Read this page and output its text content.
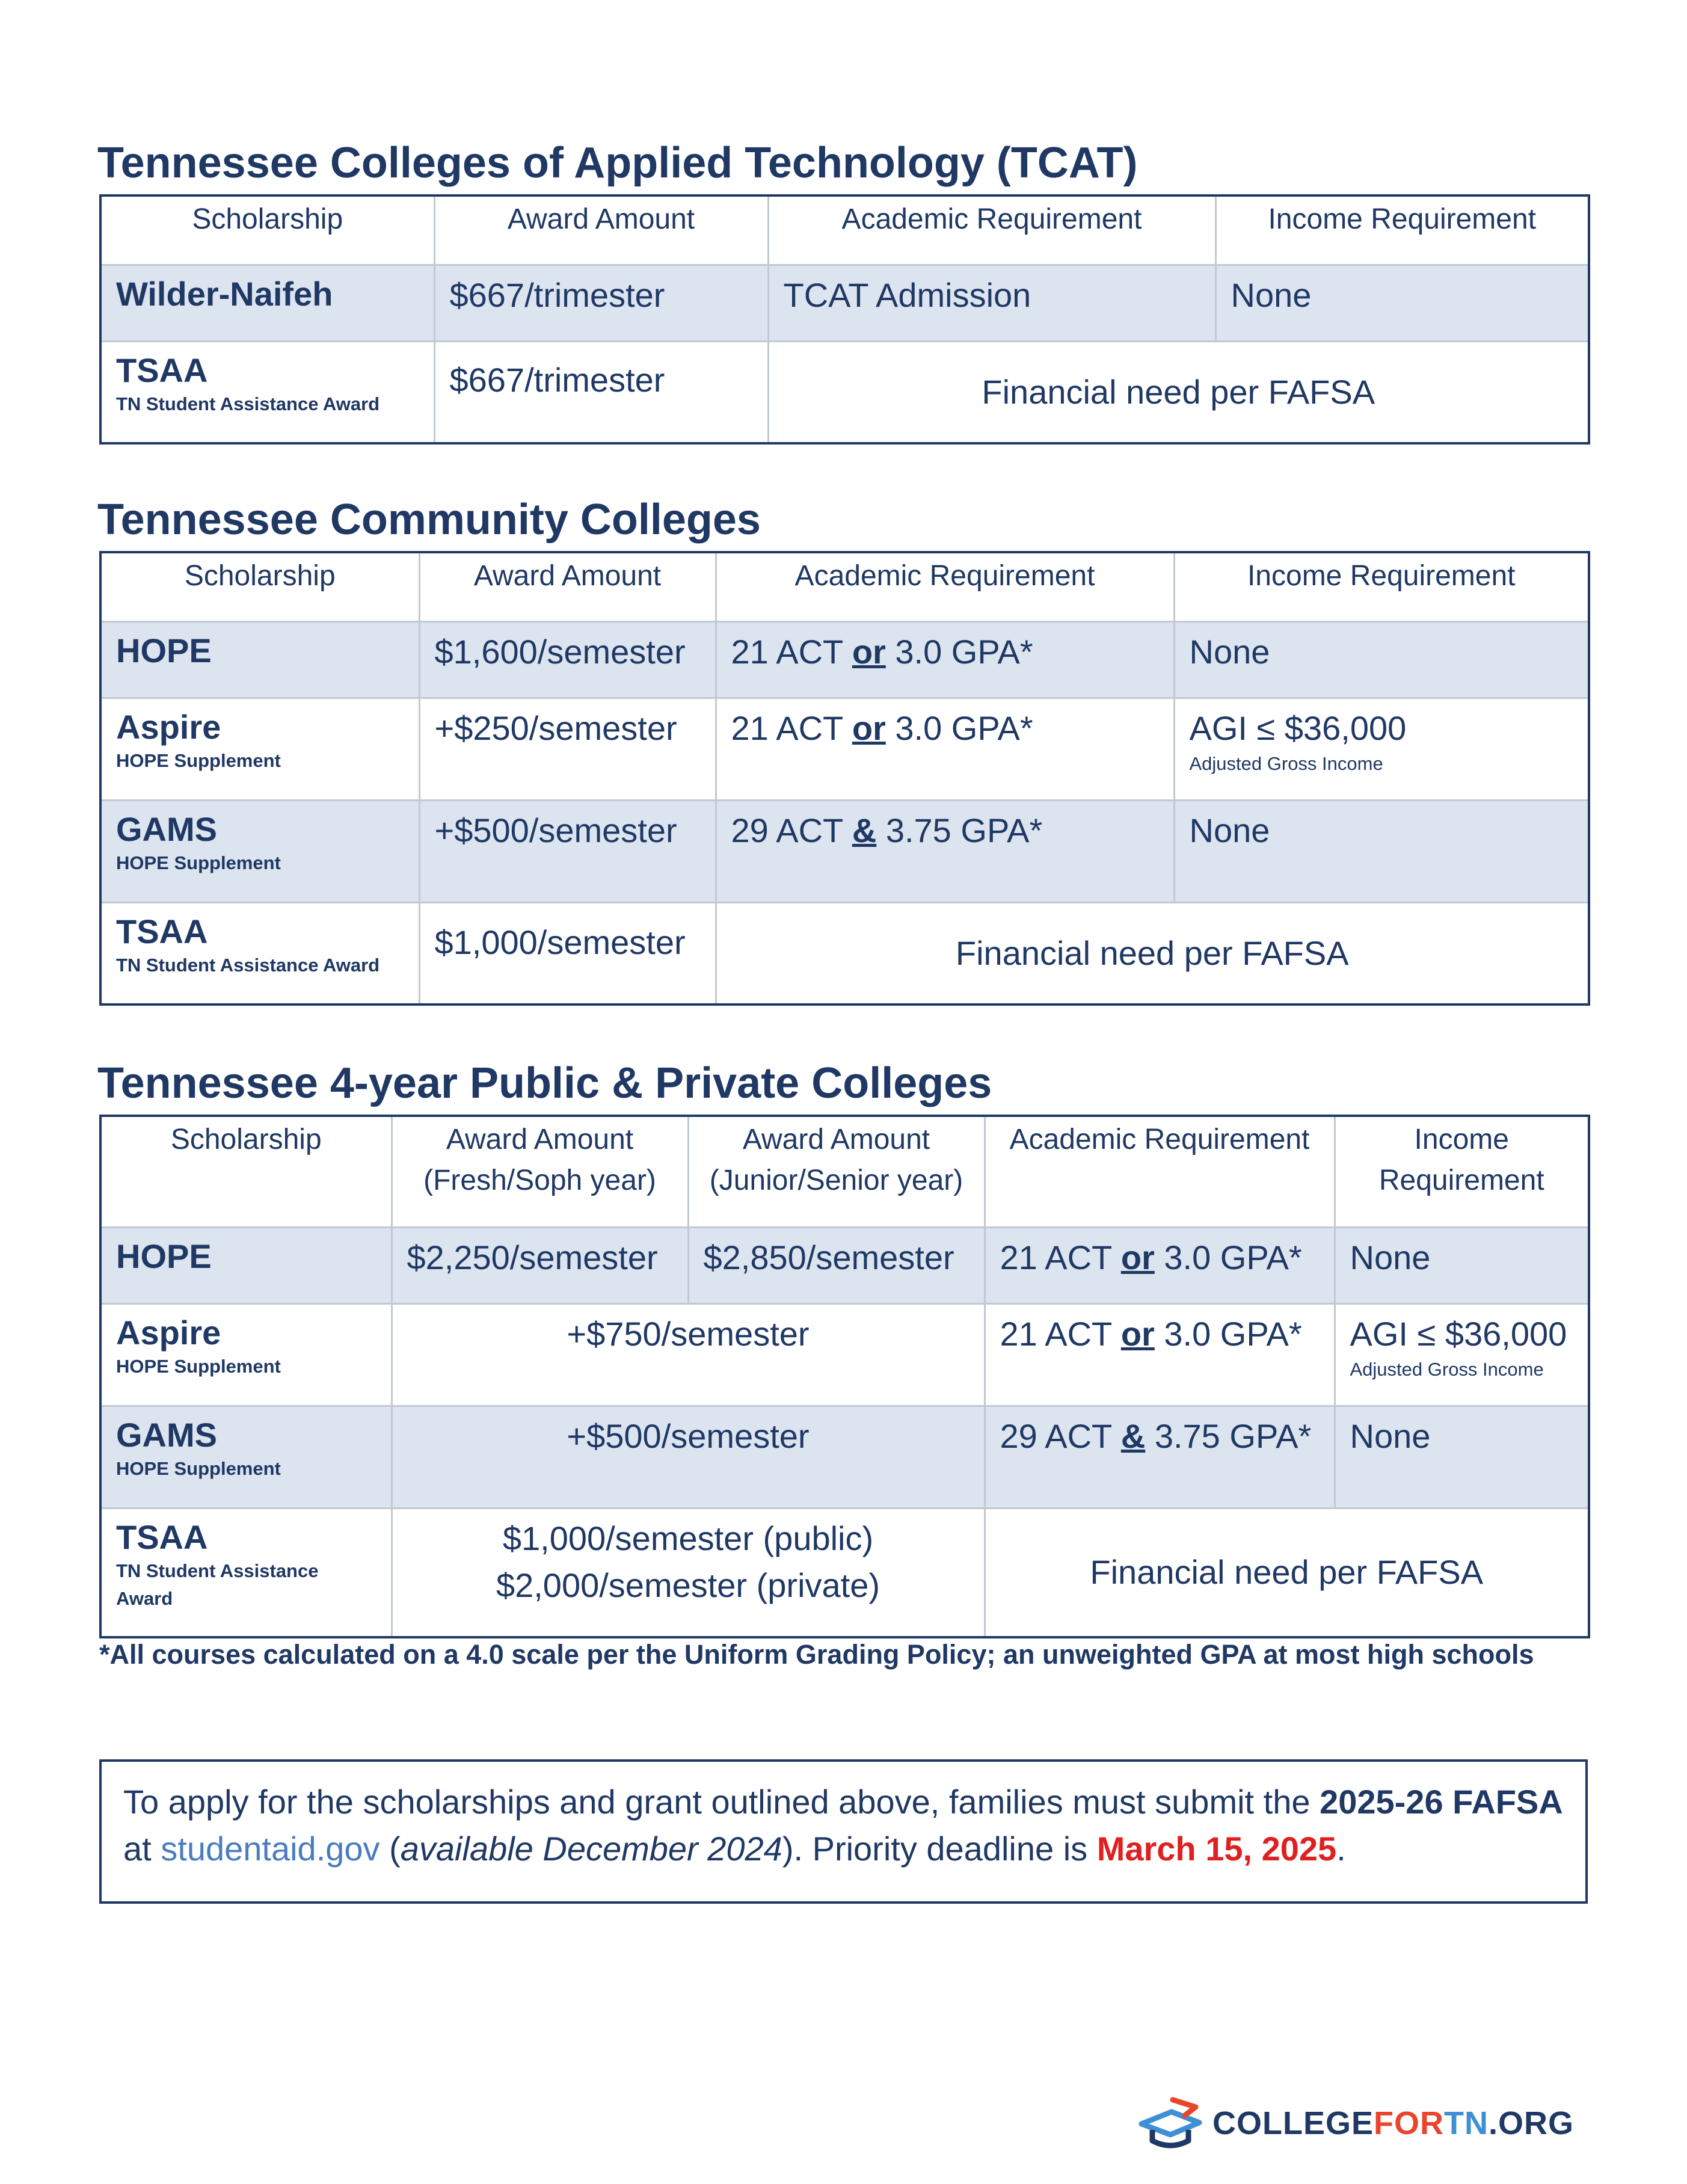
Tennessee Colleges of Applied Technology (TCAT)
Scholarship	Award Amount	Academic Requirement	Income Requirement

Wilder-Naifeh	$667/trimester	TCAT Admission	None

TSAA
TN Student Assistance Award	$667/trimester	Financial need per FAFSA	
Tennessee Community Colleges
Scholarship	Award Amount	Academic Requirement	Income Requirement

HOPE	$1,600/semester	21 ACT or 3.0 GPA*	None

Aspire
HOPE Supplement	+$250/semester	21 ACT or 3.0 GPA*	AGI ≤ $36,000
Adjusted Gross Income

GAMS
HOPE Supplement	+$500/semester	29 ACT & 3.75 GPA*	None

TSAA
TN Student Assistance Award	$1,000/semester	Financial need per FAFSA	
Tennessee 4-year Public & Private Colleges
Scholarship	Award Amount
(Fresh/Soph year)	Award Amount
(Junior/Senior year)	Academic Requirement	Income
Requirement

HOPE	$2,250/semester	$2,850/semester	21 ACT or 3.0 GPA*	None

Aspire
HOPE Supplement	+$750/semester		21 ACT or 3.0 GPA*	AGI ≤ $36,000
Adjusted Gross Income

GAMS
HOPE Supplement	+$500/semester		29 ACT & 3.75 GPA*	None

TSAA
TN Student Assistance
Award	$1,000/semester (public)
$2,000/semester (private)		Financial need per FAFSA	
*All courses calculated on a 4.0 scale per the Uniform Grading Policy; an unweighted GPA at most high schools
To apply for the scholarships and grant outlined above, families must submit the 2025-26 FAFSA at studentaid.gov (available December 2024). Priority deadline is March 15, 2025.
COLLEGEFORTN.ORG
